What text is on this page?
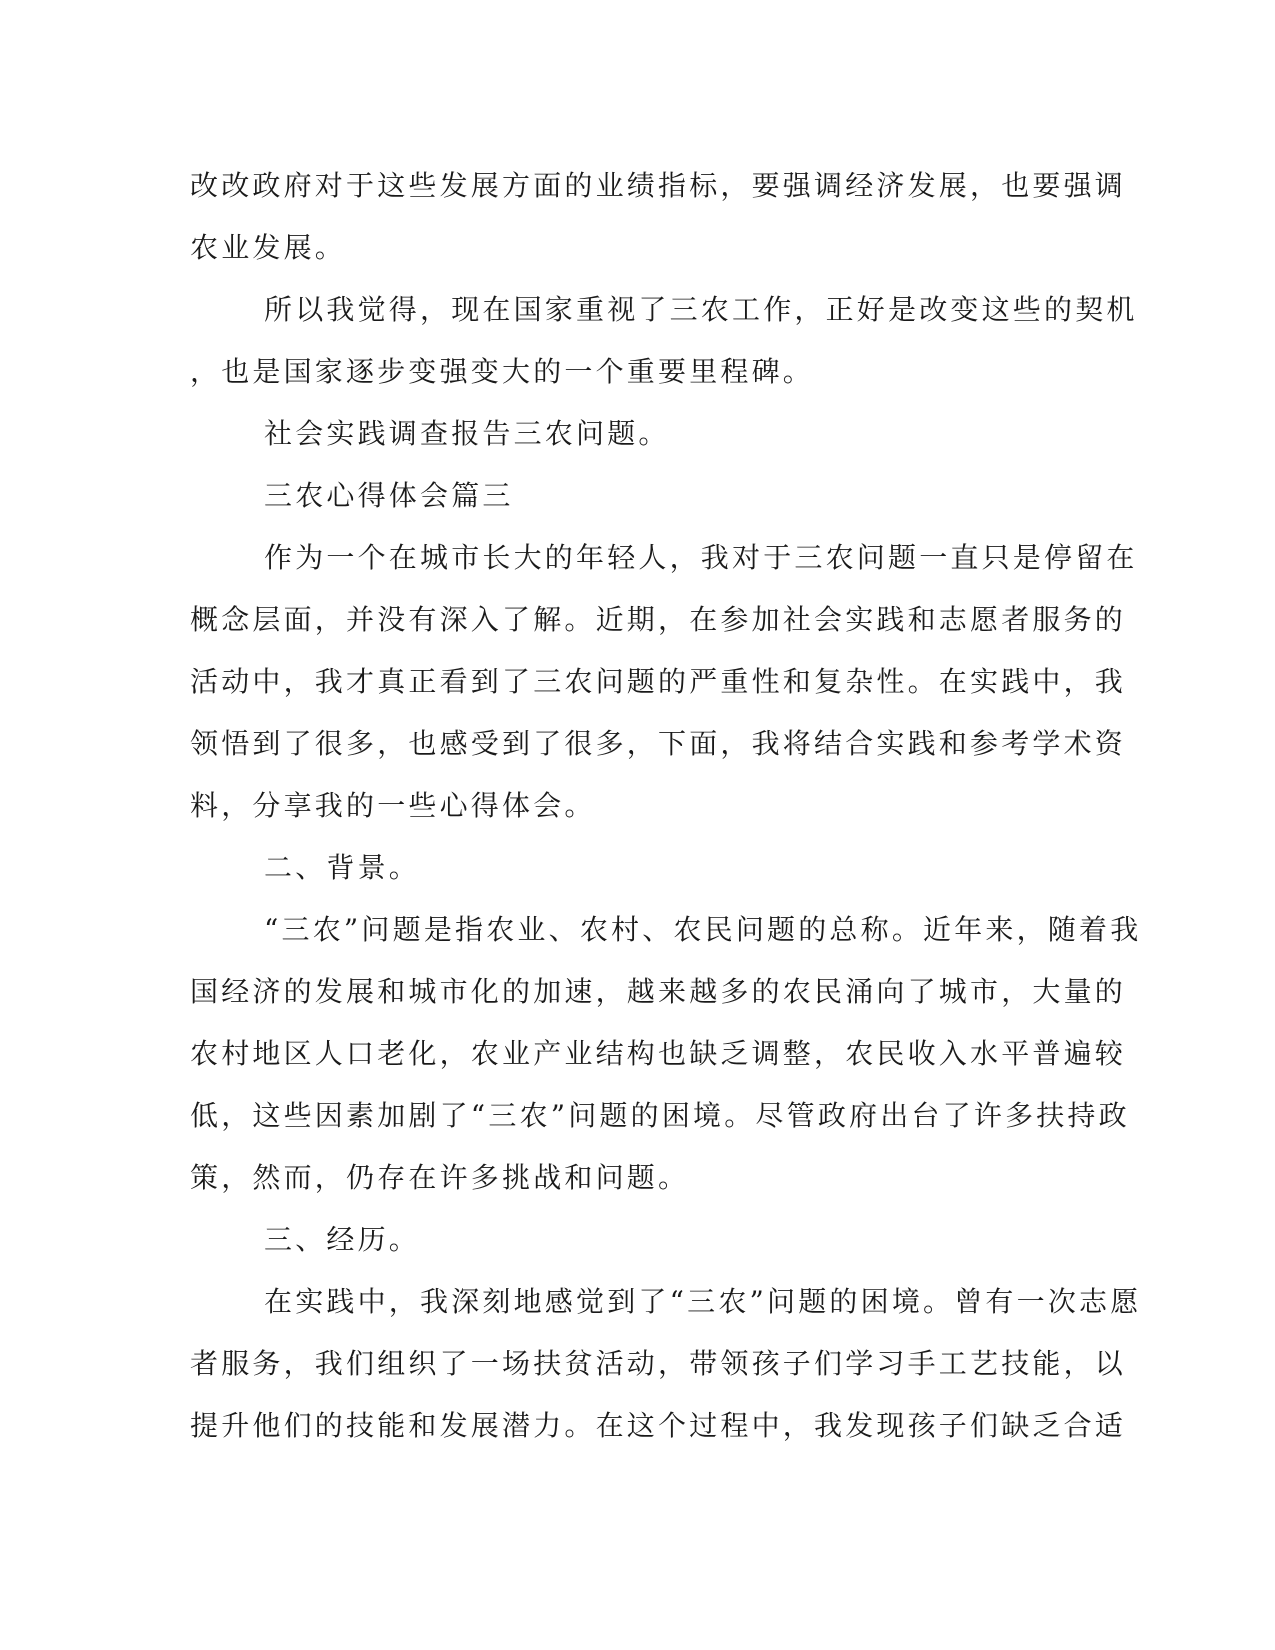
改改政府对于这些发展方面的业绩指标，要强调经济发展，也要强调
农业发展。
所以我觉得，现在国家重视了三农工作，正好是改变这些的契机
，也是国家逐步变强变大的一个重要里程碑。
社会实践调查报告三农问题。
三农心得体会篇三
作为一个在城市长大的年轻人，我对于三农问题一直只是停留在
概念层面，并没有深入了解。近期，在参加社会实践和志愿者服务的
活动中，我才真正看到了三农问题的严重性和复杂性。在实践中，我
领悟到了很多，也感受到了很多，下面，我将结合实践和参考学术资
料，分享我的一些心得体会。
二、背景。
“三农”问题是指农业、农村、农民问题的总称。近年来，随着我
国经济的发展和城市化的加速，越来越多的农民涌向了城市，大量的
农村地区人口老化，农业产业结构也缺乏调整，农民收入水平普遍较
低，这些因素加剧了“三农”问题的困境。尽管政府出台了许多扶持政
策，然而，仍存在许多挑战和问题。
三、经历。
在实践中，我深刻地感觉到了“三农”问题的困境。曾有一次志愿
者服务，我们组织了一场扶贫活动，带领孩子们学习手工艺技能，以
提升他们的技能和发展潜力。在这个过程中，我发现孩子们缺乏合适
